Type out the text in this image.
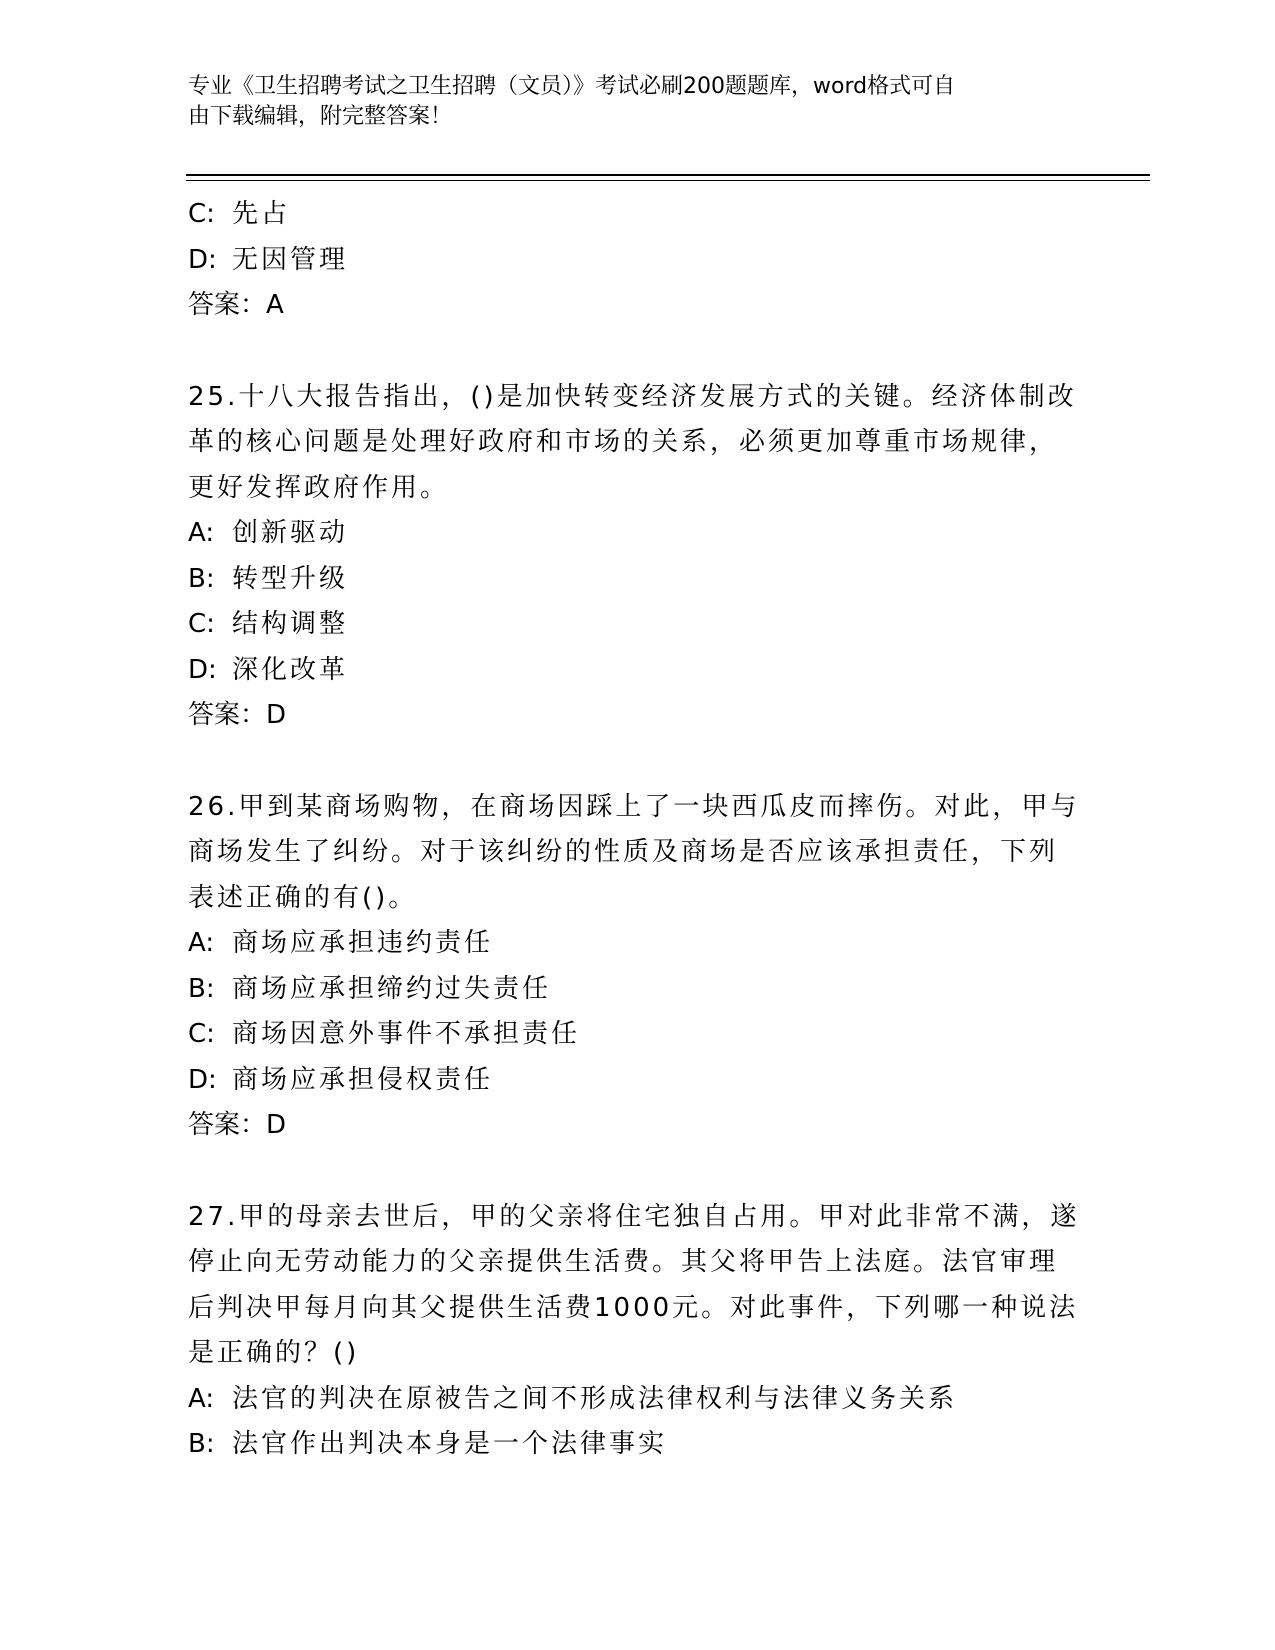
专业《卫生招聘考试之卫生招聘（文员）》考试必刷200题题库，word格式可自
由下载编辑，附完整答案！
C: 先占
D: 无因管理
答案：A
25.十八大报告指出，()是加快转变经济发展方式的关键。经济体制改
革的核心问题是处理好政府和市场的关系，必须更加尊重市场规律，
更好发挥政府作用。
A: 创新驱动
B: 转型升级
C: 结构调整
D: 深化改革
答案：D
26.甲到某商场购物，在商场因踩上了一块西瓜皮而摔伤。对此，甲与
商场发生了纠纷。对于该纠纷的性质及商场是否应该承担责任，下列
表述正确的有()。
A: 商场应承担违约责任
B: 商场应承担缔约过失责任
C: 商场因意外事件不承担责任
D: 商场应承担侵权责任
答案：D
27.甲的母亲去世后，甲的父亲将住宅独自占用。甲对此非常不满，遂
停止向无劳动能力的父亲提供生活费。其父将甲告上法庭。法官审理
后判决甲每月向其父提供生活费1000元。对此事件，下列哪一种说法
是正确的？()
A: 法官的判决在原被告之间不形成法律权利与法律义务关系
B: 法官作出判决本身是一个法律事实
